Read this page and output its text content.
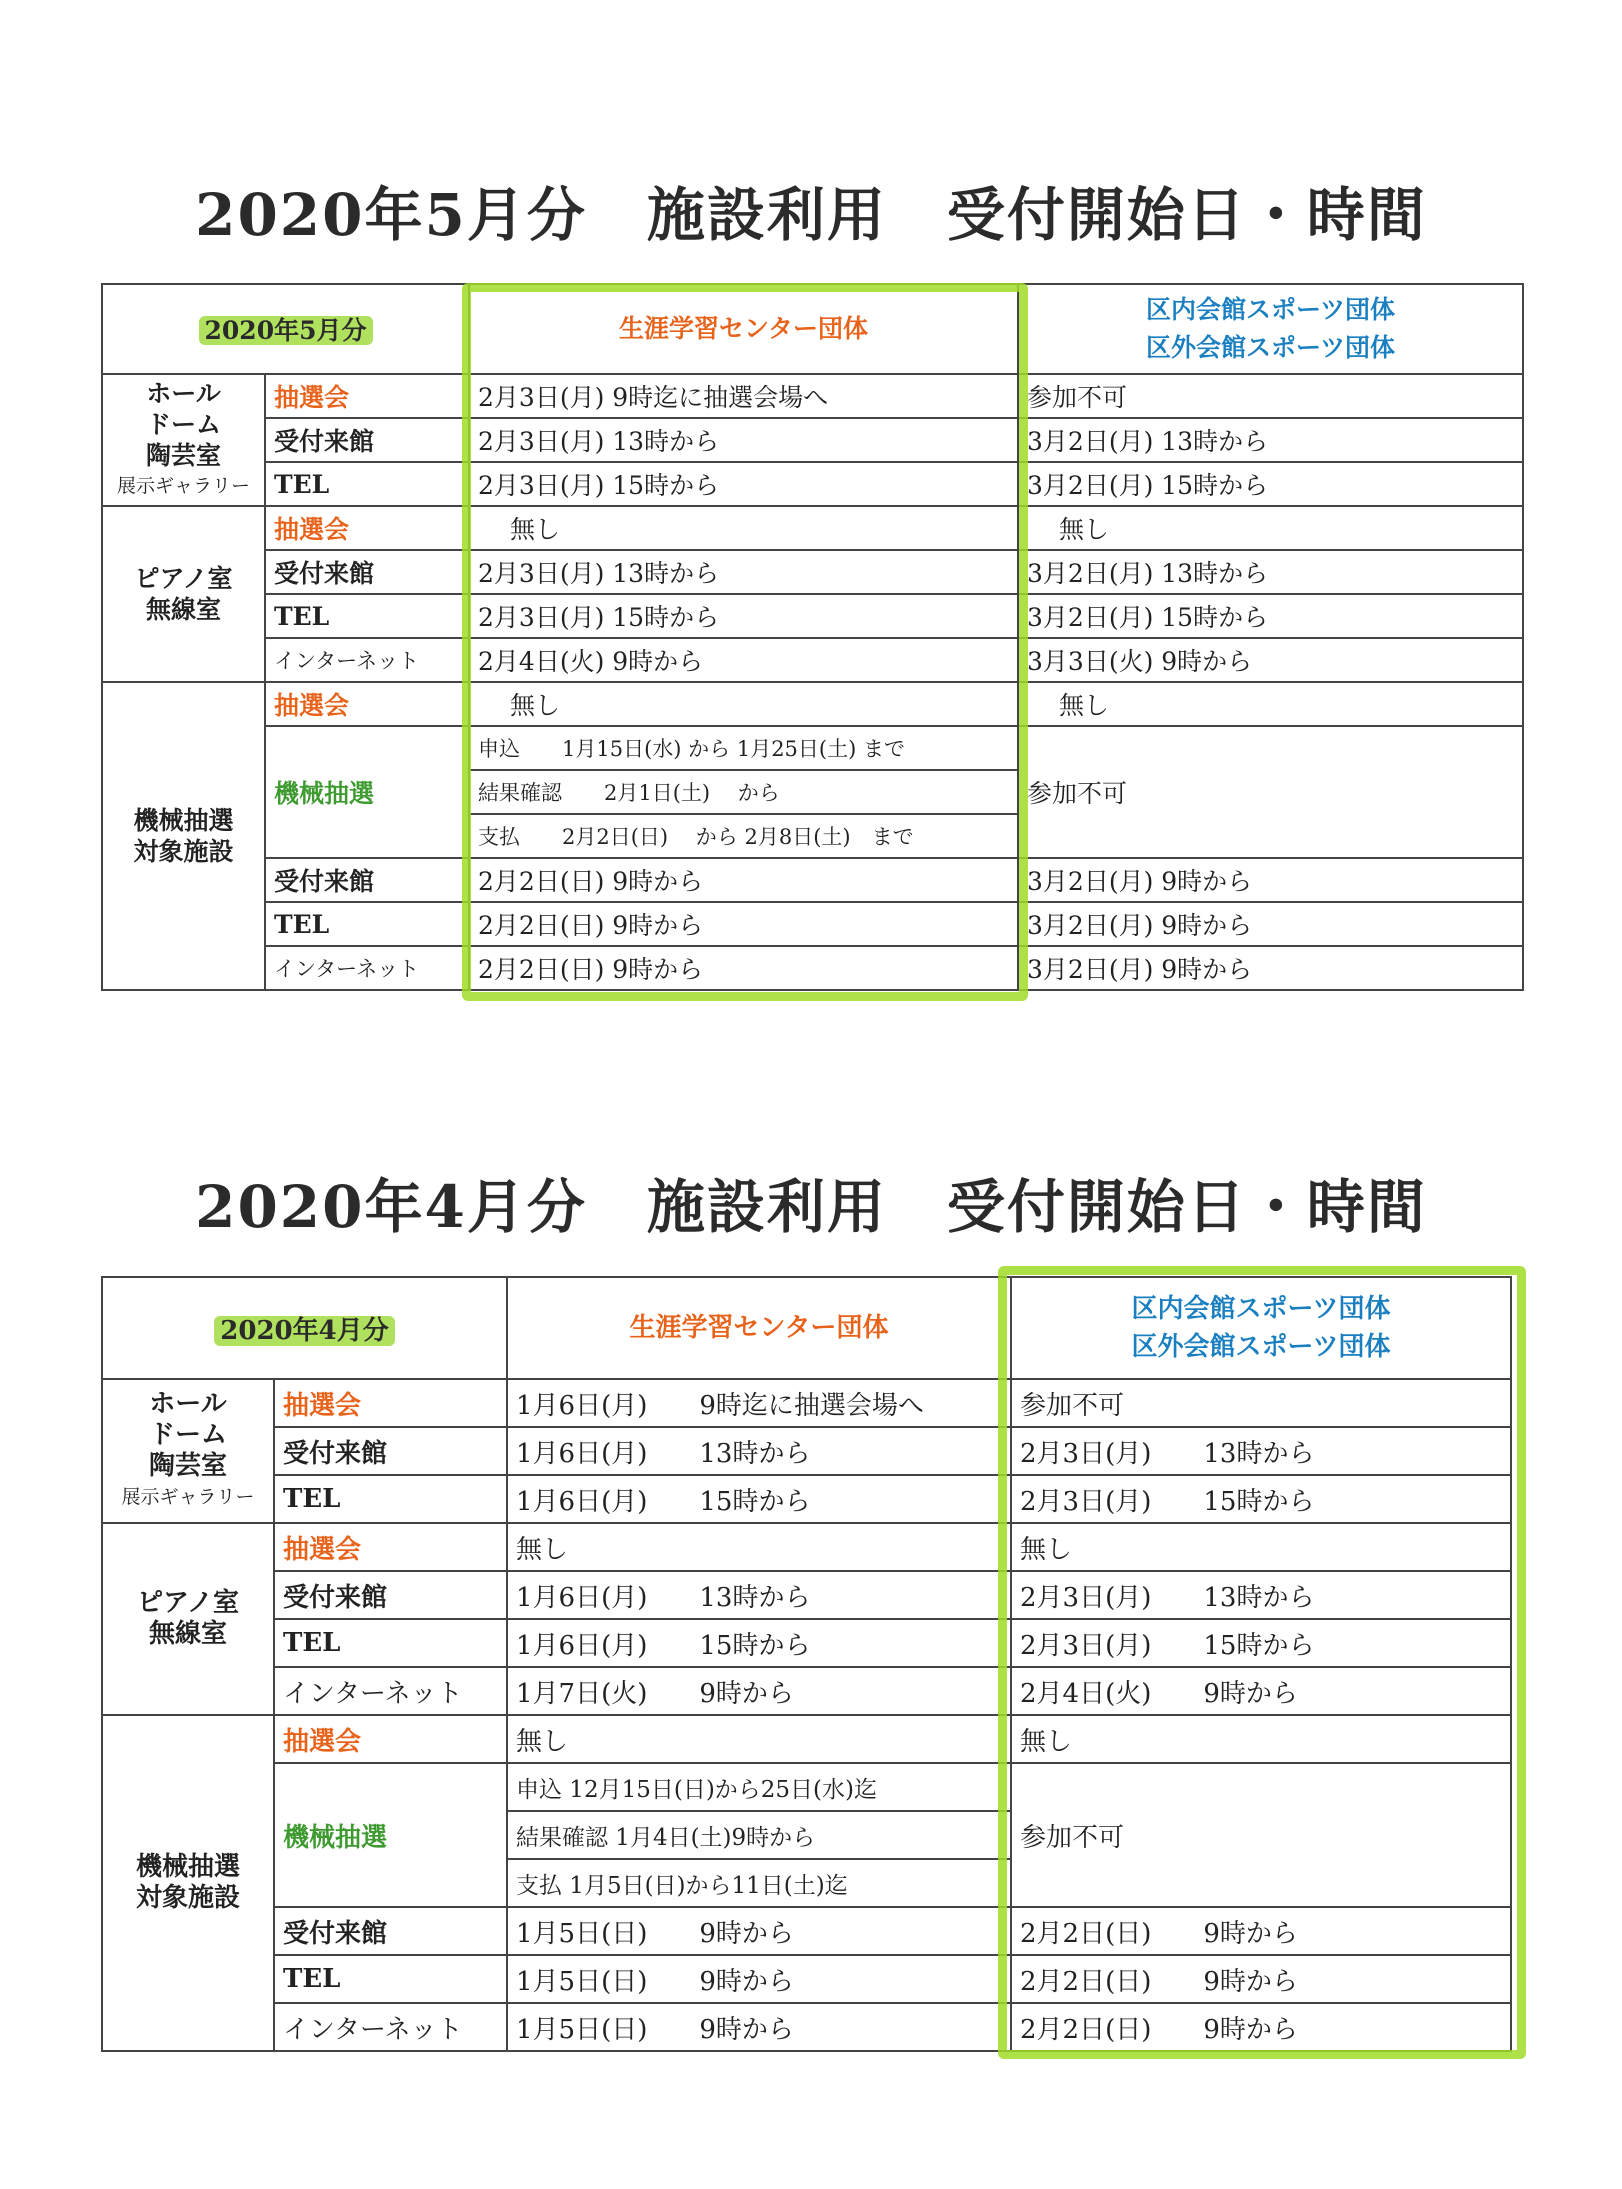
2020年5月分　施設利用　受付開始日・時間
2020年5月分		生涯学習センター団体	区内会館スポーツ団体
区外会館スポーツ団体

ホール
ドーム
陶芸室
展示ギャラリー	抽選会	2月3日(月) 9時迄に抽選会場へ	参加不可
	受付来館	2月3日(月) 13時から	3月2日(月) 13時から
	TEL	2月3日(月) 15時から	3月2日(月) 15時から

ピアノ室
無線室	抽選会	無し	無し
	受付来館	2月3日(月) 13時から	3月2日(月) 13時から
	TEL	2月3日(月) 15時から	3月2日(月) 15時から
	インターネット	2月4日(火) 9時から	3月3日(火) 9時から

機械抽選
対象施設	抽選会	無し	無し
	機械抽選	申込　　1月15日(水) から 1月25日(土) まで	参加不可
		結果確認　　2月1日(土)　 から	
		支払　　2月2日(日)　 から 2月8日(土)　まで	
	受付来館	2月2日(日) 9時から	3月2日(月) 9時から
	TEL	2月2日(日) 9時から	3月2日(月) 9時から
	インターネット	2月2日(日) 9時から	3月2日(月) 9時から
2020年4月分　施設利用　受付開始日・時間
2020年4月分		生涯学習センター団体	区内会館スポーツ団体
区外会館スポーツ団体

ホール
ドーム
陶芸室
展示ギャラリー	抽選会	1月6日(月)　　9時迄に抽選会場へ	参加不可
	受付来館	1月6日(月)　　13時から	2月3日(月)　　13時から
	TEL	1月6日(月)　　15時から	2月3日(月)　　15時から

ピアノ室
無線室	抽選会	無し	無し
	受付来館	1月6日(月)　　13時から	2月3日(月)　　13時から
	TEL	1月6日(月)　　15時から	2月3日(月)　　15時から
	インターネット	1月7日(火)　　9時から	2月4日(火)　　9時から

機械抽選
対象施設	抽選会	無し	無し
	機械抽選	申込 12月15日(日)から25日(水)迄	参加不可
		結果確認 1月4日(土)9時から	
		支払 1月5日(日)から11日(土)迄	
	受付来館	1月5日(日)　　9時から	2月2日(日)　　9時から
	TEL	1月5日(日)　　9時から	2月2日(日)　　9時から
	インターネット	1月5日(日)　　9時から	2月2日(日)　　9時から
